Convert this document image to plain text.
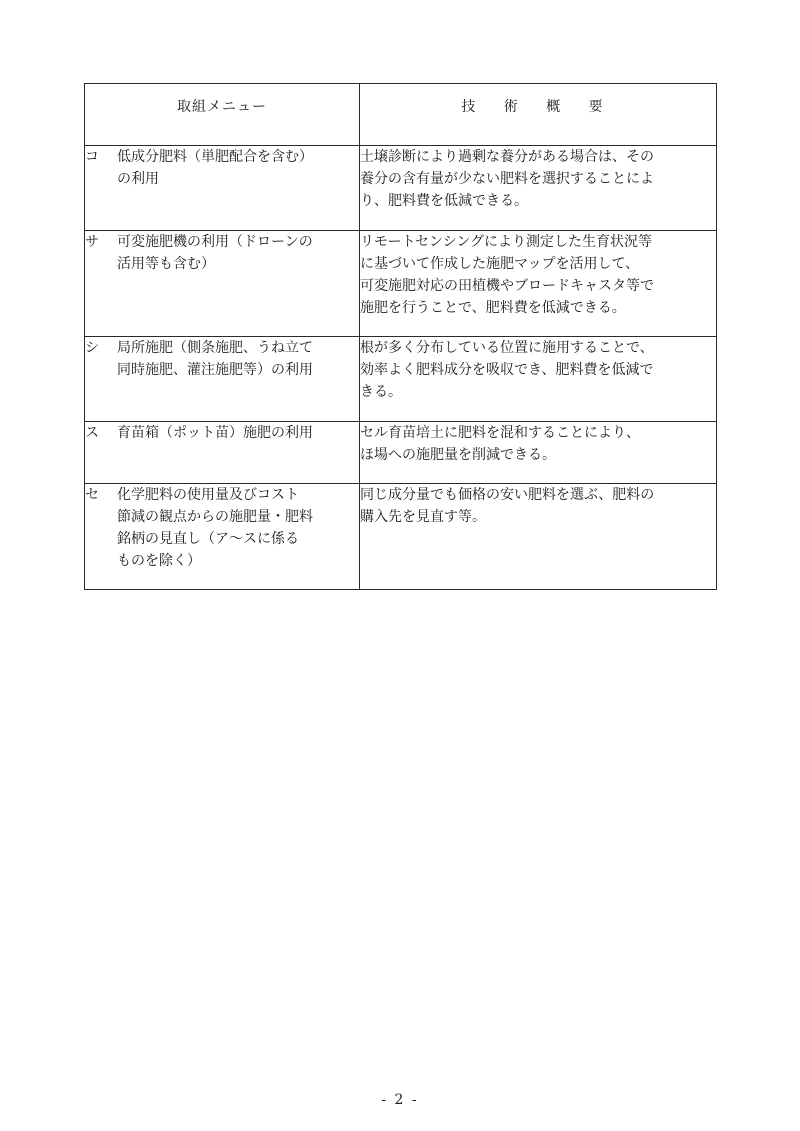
取組メニュー	技 術 概 要

コ 低成分肥料（単肥配合を含む）
の利用	土壌診断により過剰な養分がある場合は、その
養分の含有量が少ない肥料を選択することによ
り、肥料費を低減できる。

サ 可変施肥機の利用（ドローンの
活用等も含む）	リモートセンシングにより測定した生育状況等
に基づいて作成した施肥マップを活用して、
可変施肥対応の田植機やブロードキャスタ等で
施肥を行うことで、肥料費を低減できる。

シ 局所施肥（側条施肥、うね立て
同時施肥、灌注施肥等）の利用	根が多く分布している位置に施用することで、
効率よく肥料成分を吸収でき、肥料費を低減で
きる。

ス 育苗箱（ポット苗）施肥の利用	セル育苗培土に肥料を混和することにより、
ほ場への施肥量を削減できる。

セ 化学肥料の使用量及びコスト
節減の観点からの施肥量・肥料
銘柄の見直し（ア～スに係る
ものを除く）	同じ成分量でも価格の安い肥料を選ぶ、肥料の
購入先を見直す等。
- 2 -
